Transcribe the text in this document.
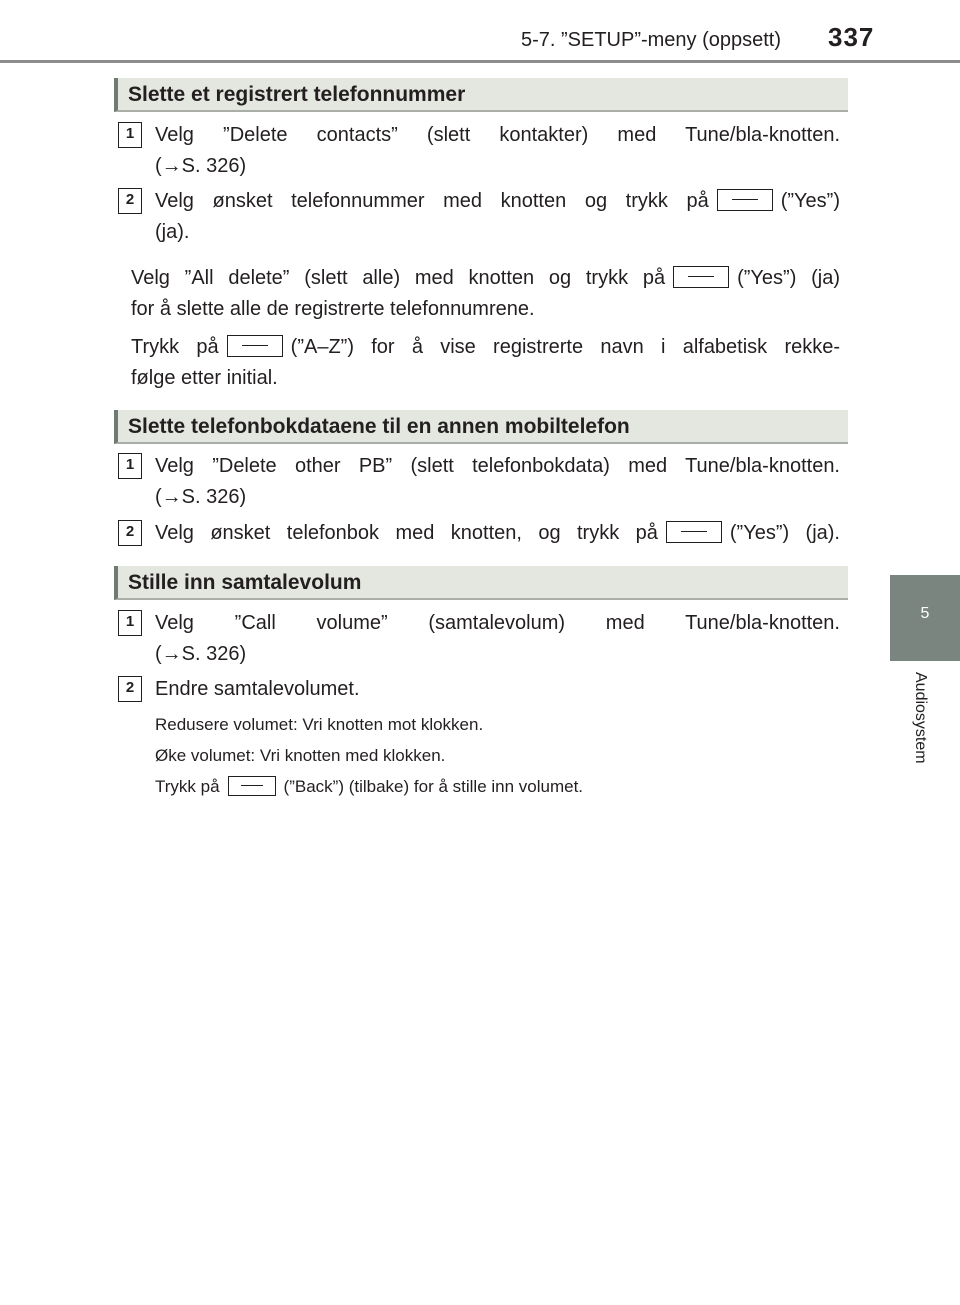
5-7. ”SETUP”-meny (oppsett) 337
5
Audiosystem
Slette et registrert telefonnummer
1	Velg ”Delete contacts” (slett kontakter) med Tune/bla-knotten.
(→S. 326)
2	Velg ønsket telefonnummer med knotten og trykk på	(”Yes”)
(ja).
Velg ”All delete” (slett alle) med knotten og trykk på	(”Yes”) (ja)
for å slette alle de registrerte telefonnumrene.
Trykk på	(”A–Z”) for å vise registrerte navn i alfabetisk rekke-
følge etter initial.
Slette telefonbokdataene til en annen mobiltelefon
1	Velg ”Delete other PB” (slett telefonbokdata) med Tune/bla-knotten.
(→S. 326)
2	Velg ønsket telefonbok med knotten, og trykk på	(”Yes”) (ja).
Stille inn samtalevolum
1	Velg ”Call volume” (samtalevolum) med Tune/bla-knotten.
(→S. 326)
2	Endre samtalevolumet.
Redusere volumet: Vri knotten mot klokken.
Øke volumet: Vri knotten med klokken.
Trykk på	(”Back”) (tilbake) for å stille inn volumet.
